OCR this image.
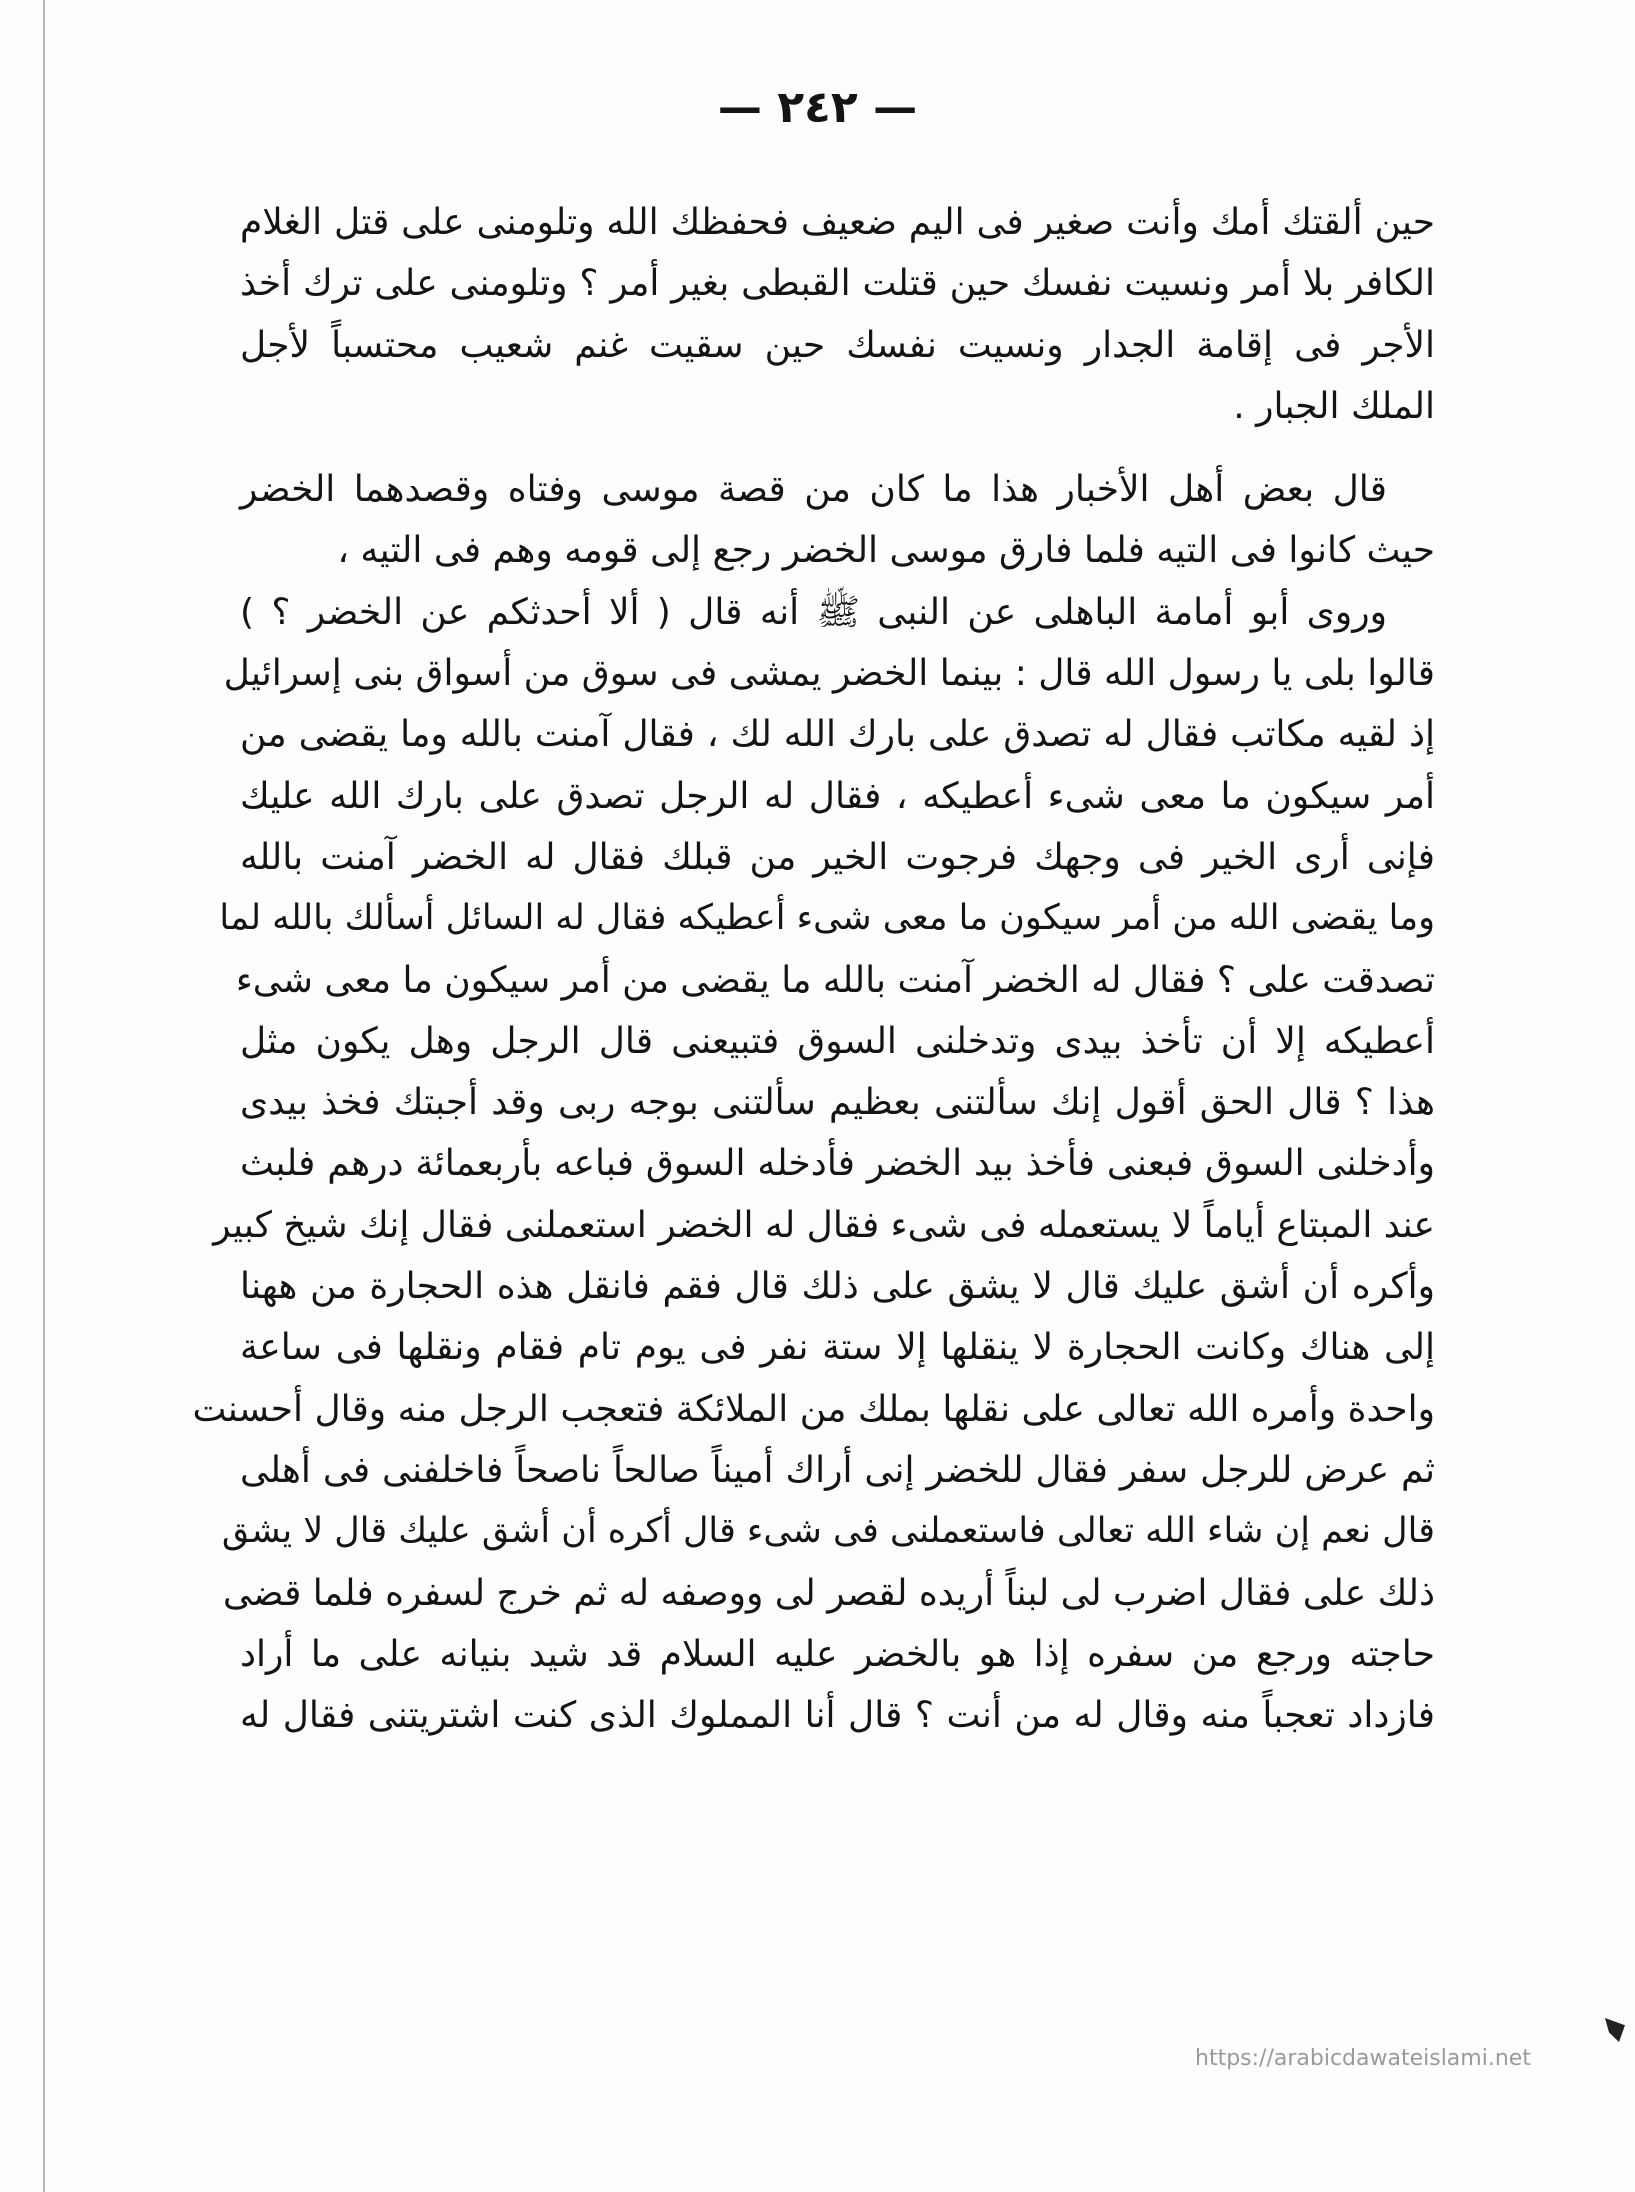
— ٢٤٢ —
حين ألقتك أمك وأنت صغير فى اليم ضعيف فحفظك الله وتلومنى على قتل الغلام
الكافر بلا أمر ونسيت نفسك حين قتلت القبطى بغير أمر ؟ وتلومنى على ترك أخذ
الأجر فى إقامة الجدار ونسيت نفسك حين سقيت غنم شعيب محتسباً لأجل
الملك الجبار .
قال بعض أهل الأخبار هذا ما كان من قصة موسى وفتاه وقصدهما الخضر
حيث كانوا فى التيه فلما فارق موسى الخضر رجع إلى قومه وهم فى التيه ،
وروى أبو أمامة الباهلى عن النبى ﷺ أنه قال ( ألا أحدثكم عن الخضر ؟ )
قالوا بلى يا رسول الله قال : بينما الخضر يمشى فى سوق من أسواق بنى إسرائيل
إذ لقيه مكاتب فقال له تصدق على بارك الله لك ، فقال آمنت بالله وما يقضى من
أمر سيكون ما معى شىء أعطيكه ، فقال له الرجل تصدق على بارك الله عليك
فإنى أرى الخير فى وجهك فرجوت الخير من قبلك فقال له الخضر آمنت بالله
وما يقضى الله من أمر سيكون ما معى شىء أعطيكه فقال له السائل أسألك بالله لما
تصدقت على ؟ فقال له الخضر آمنت بالله ما يقضى من أمر سيكون ما معى شىء
أعطيكه إلا أن تأخذ بيدى وتدخلنى السوق فتبيعنى قال الرجل وهل يكون مثل
هذا ؟ قال الحق أقول إنك سألتنى بعظيم سألتنى بوجه ربى وقد أجبتك فخذ بيدى
وأدخلنى السوق فبعنى فأخذ بيد الخضر فأدخله السوق فباعه بأربعمائة درهم فلبث
عند المبتاع أياماً لا يستعمله فى شىء فقال له الخضر استعملنى فقال إنك شيخ كبير
وأكره أن أشق عليك قال لا يشق على ذلك قال فقم فانقل هذه الحجارة من ههنا
إلى هناك وكانت الحجارة لا ينقلها إلا ستة نفر فى يوم تام فقام ونقلها فى ساعة
واحدة وأمره الله تعالى على نقلها بملك من الملائكة فتعجب الرجل منه وقال أحسنت
ثم عرض للرجل سفر فقال للخضر إنى أراك أميناً صالحاً ناصحاً فاخلفنى فى أهلى
قال نعم إن شاء الله تعالى فاستعملنى فى شىء قال أكره أن أشق عليك قال لا يشق
ذلك على فقال اضرب لى لبناً أريده لقصر لى ووصفه له ثم خرج لسفره فلما قضى
حاجته ورجع من سفره إذا هو بالخضر عليه السلام قد شيد بنيانه على ما أراد
فازداد تعجباً منه وقال له من أنت ؟ قال أنا المملوك الذى كنت اشتريتنى فقال له
https://arabicdawateislami.net
